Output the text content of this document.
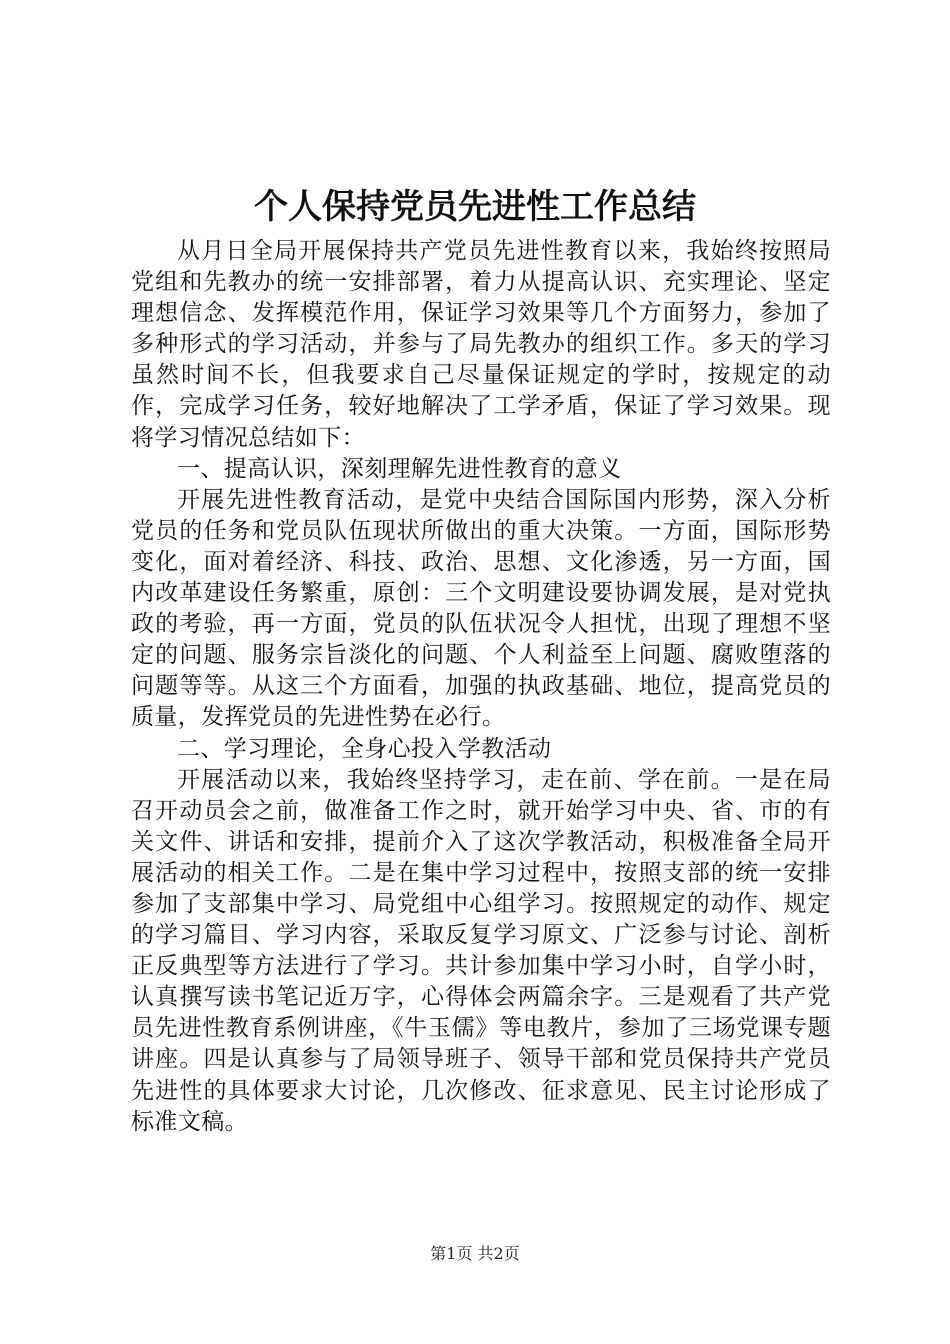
个人保持党员先进性工作总结

从月日全局开展保持共产党员先进性教育以来，我始终按照局党组和先教办的统一安排部署，着力从提高认识、充实理论、坚定理想信念、发挥模范作用，保证学习效果等几个方面努力，参加了多种形式的学习活动，并参与了局先教办的组织工作。多天的学习虽然时间不长，但我要求自己尽量保证规定的学时，按规定的动作，完成学习任务，较好地解决了工学矛盾，保证了学习效果。现将学习情况总结如下：

一、提高认识，深刻理解先进性教育的意义

开展先进性教育活动，是党中央结合国际国内形势，深入分析党员的任务和党员队伍现状所做出的重大决策。一方面，国际形势变化，面对着经济、科技、政治、思想、文化渗透，另一方面，国内改革建设任务繁重，原创：三个文明建设要协调发展，是对党执政的考验，再一方面，党员的队伍状况令人担忧，出现了理想不坚定的问题、服务宗旨淡化的问题、个人利益至上问题、腐败堕落的问题等等。从这三个方面看，加强的执政基础、地位，提高党员的质量，发挥党员的先进性势在必行。

二、学习理论，全身心投入学教活动

开展活动以来，我始终坚持学习，走在前、学在前。一是在局召开动员会之前，做准备工作之时，就开始学习中央、省、市的有关文件、讲话和安排，提前介入了这次学教活动，积极准备全局开展活动的相关工作。二是在集中学习过程中，按照支部的统一安排参加了支部集中学习、局党组中心组学习。按照规定的动作、规定的学习篇目、学习内容，采取反复学习原文、广泛参与讨论、剖析正反典型等方法进行了学习。共计参加集中学习小时，自学小时，认真撰写读书笔记近万字，心得体会两篇余字。三是观看了共产党员先进性教育系例讲座，《牛玉儒》等电教片，参加了三场党课专题讲座。四是认真参与了局领导班子、领导干部和党员保持共产党员先进性的具体要求大讨论，几次修改、征求意见、民主讨论形成了标准文稿。

第1页 共2页
